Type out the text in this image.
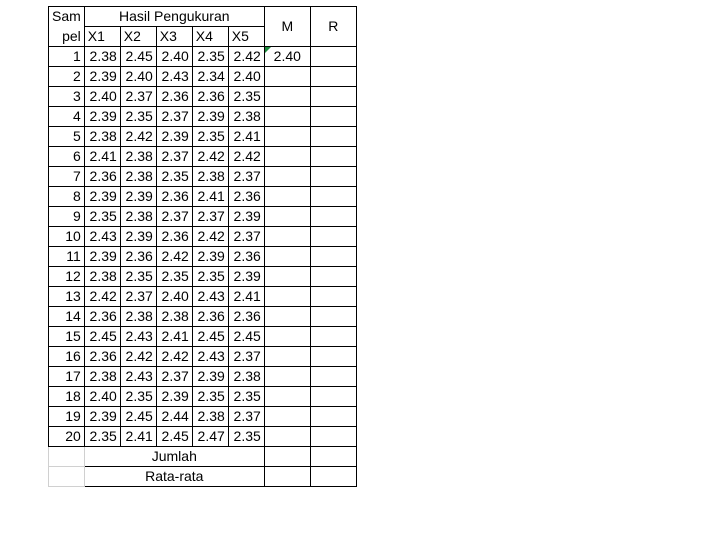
Sam	Hasil Pengukuran					M	R
pel	X1	X2	X3	X4	X5		
1	2.38	2.45	2.40	2.35	2.42	2.40	
2	2.39	2.40	2.43	2.34	2.40		
3	2.40	2.37	2.36	2.36	2.35		
4	2.39	2.35	2.37	2.39	2.38		
5	2.38	2.42	2.39	2.35	2.41		
6	2.41	2.38	2.37	2.42	2.42		
7	2.36	2.38	2.35	2.38	2.37		
8	2.39	2.39	2.36	2.41	2.36		
9	2.35	2.38	2.37	2.37	2.39		
10	2.43	2.39	2.36	2.42	2.37		
11	2.39	2.36	2.42	2.39	2.36		
12	2.38	2.35	2.35	2.35	2.39		
13	2.42	2.37	2.40	2.43	2.41		
14	2.36	2.38	2.38	2.36	2.36		
15	2.45	2.43	2.41	2.45	2.45		
16	2.36	2.42	2.42	2.43	2.37		
17	2.38	2.43	2.37	2.39	2.38		
18	2.40	2.35	2.39	2.35	2.35		
19	2.39	2.45	2.44	2.38	2.37		
20	2.35	2.41	2.45	2.47	2.35		
	Jumlah						
	Rata-rata						
